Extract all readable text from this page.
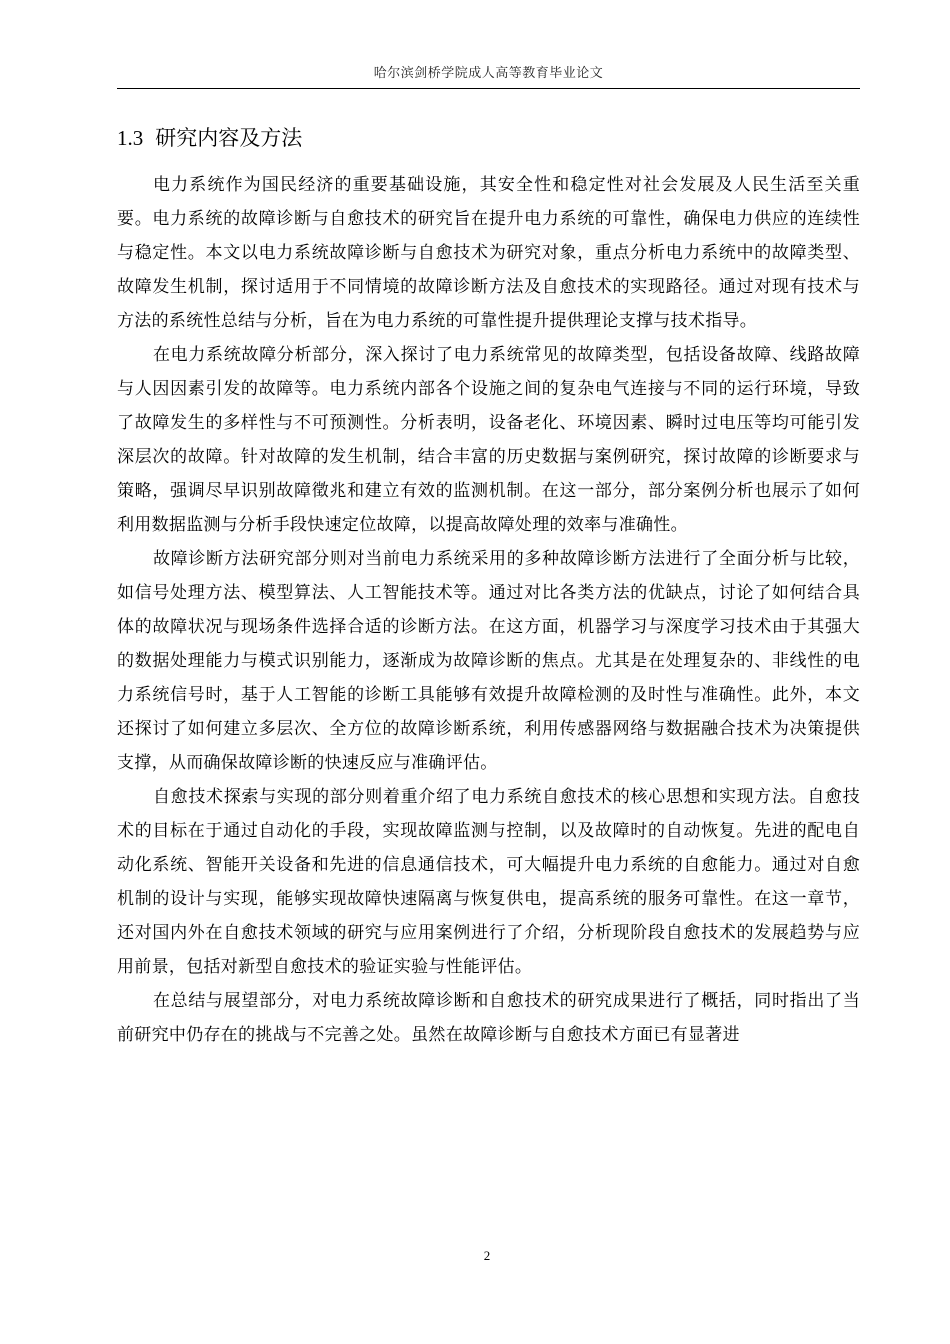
哈尔滨剑桥学院成人高等教育毕业论文
1.3 研究内容及方法

电力系统作为国民经济的重要基础设施，其安全性和稳定性对社会发展及人民生活至关重要。电力系统的故障诊断与自愈技术的研究旨在提升电力系统的可靠性，确保电力供应的连续性与稳定性。本文以电力系统故障诊断与自愈技术为研究对象，重点分析电力系统中的故障类型、故障发生机制，探讨适用于不同情境的故障诊断方法及自愈技术的实现路径。通过对现有技术与方法的系统性总结与分析，旨在为电力系统的可靠性提升提供理论支撑与技术指导。

在电力系统故障分析部分，深入探讨了电力系统常见的故障类型，包括设备故障、线路故障与人因因素引发的故障等。电力系统内部各个设施之间的复杂电气连接与不同的运行环境，导致了故障发生的多样性与不可预测性。分析表明，设备老化、环境因素、瞬时过电压等均可能引发深层次的故障。针对故障的发生机制，结合丰富的历史数据与案例研究，探讨故障的诊断要求与策略，强调尽早识别故障徵兆和建立有效的监测机制。在这一部分，部分案例分析也展示了如何利用数据监测与分析手段快速定位故障，以提高故障处理的效率与准确性。

故障诊断方法研究部分则对当前电力系统采用的多种故障诊断方法进行了全面分析与比较，如信号处理方法、模型算法、人工智能技术等。通过对比各类方法的优缺点，讨论了如何结合具体的故障状况与现场条件选择合适的诊断方法。在这方面，机器学习与深度学习技术由于其强大的数据处理能力与模式识别能力，逐渐成为故障诊断的焦点。尤其是在处理复杂的、非线性的电力系统信号时，基于人工智能的诊断工具能够有效提升故障检测的及时性与准确性。此外，本文还探讨了如何建立多层次、全方位的故障诊断系统，利用传感器网络与数据融合技术为决策提供支撑，从而确保故障诊断的快速反应与准确评估。

自愈技术探索与实现的部分则着重介绍了电力系统自愈技术的核心思想和实现方法。自愈技术的目标在于通过自动化的手段，实现故障监测与控制，以及故障时的自动恢复。先进的配电自动化系统、智能开关设备和先进的信息通信技术，可大幅提升电力系统的自愈能力。通过对自愈机制的设计与实现，能够实现故障快速隔离与恢复供电，提高系统的服务可靠性。在这一章节，还对国内外在自愈技术领域的研究与应用案例进行了介绍，分析现阶段自愈技术的发展趋势与应用前景，包括对新型自愈技术的验证实验与性能评估。

在总结与展望部分，对电力系统故障诊断和自愈技术的研究成果进行了概括，同时指出了当前研究中仍存在的挑战与不完善之处。虽然在故障诊断与自愈技术方面已有显著进

2
